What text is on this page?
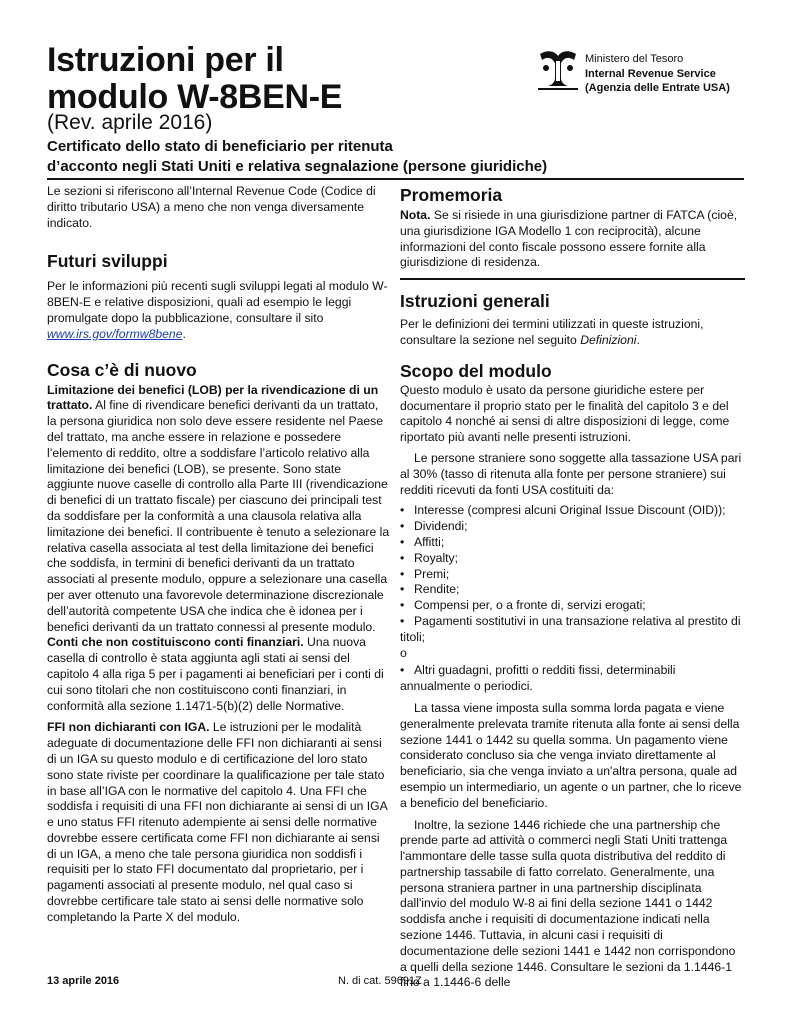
Istruzioni per il
modulo W-8BEN-E
(Rev. aprile 2016)
Certificato dello stato di beneficiario per ritenuta
d’acconto negli Stati Uniti e relativa segnalazione (persone giuridiche)
Ministero del Tesoro
Internal Revenue Service
(Agenzia delle Entrate USA)

Le sezioni si riferiscono all’Internal Revenue Code (Codice di diritto tributario USA) a meno che non venga diversamente indicato.

Futuri sviluppi

Per le informazioni più recenti sugli sviluppi legati al modulo W-8BEN-E e relative disposizioni, quali ad esempio le leggi promulgate dopo la pubblicazione, consultare il sito www.irs.gov/formw8bene.

Cosa c’è di nuovo

Limitazione dei benefici (LOB) per la rivendicazione di un trattato. Al fine di rivendicare benefici derivanti da un trattato, la persona giuridica non solo deve essere residente nel Paese del trattato, ma anche essere in relazione e possedere l’elemento di reddito, oltre a soddisfare l’articolo relativo alla limitazione dei benefici (LOB), se presente. Sono state aggiunte nuove caselle di controllo alla Parte III (rivendicazione di benefici di un trattato fiscale) per ciascuno dei principali test da soddisfare per la conformità a una clausola relativa alla limitazione dei benefici. Il contribuente è tenuto a selezionare la relativa casella associata al test della limitazione dei benefici che soddisfa, in termini di benefici derivanti da un trattato associati al presente modulo, oppure a selezionare una casella per aver ottenuto una favorevole determinazione discrezionale dell’autorità competente USA che indica che è idonea per i benefici derivanti da un trattato connessi al presente modulo.

Conti che non costituiscono conti finanziari. Una nuova casella di controllo è stata aggiunta agli stati ai sensi del capitolo 4 alla riga 5 per i pagamenti ai beneficiari per i conti di cui sono titolari che non costituiscono conti finanziari, in conformità alla sezione 1.1471-5(b)(2) delle Normative.

FFI non dichiaranti con IGA. Le istruzioni per le modalità adeguate di documentazione delle FFI non dichiaranti ai sensi di un IGA su questo modulo e di certificazione del loro stato sono state riviste per coordinare la qualificazione per tale stato in base all’IGA con le normative del capitolo 4. Una FFI che soddisfa i requisiti di una FFI non dichiarante ai sensi di un IGA e uno status FFI ritenuto adempiente ai sensi delle normative dovrebbe essere certificata come FFI non dichiarante ai sensi di un IGA, a meno che tale persona giuridica non soddisfi i requisiti per lo stato FFI documentato dal proprietario, per i pagamenti associati al presente modulo, nel qual caso si dovrebbe certificare tale stato ai sensi delle normative solo completando la Parte X del modulo.

Promemoria

Nota. Se si risiede in una giurisdizione partner di FATCA (cioè, una giurisdizione IGA Modello 1 con reciprocità), alcune informazioni del conto fiscale possono essere fornite alla giurisdizione di residenza.

Istruzioni generali

Per le definizioni dei termini utilizzati in queste istruzioni, consultare la sezione nel seguito Definizioni.

Scopo del modulo

Questo modulo è usato da persone giuridiche estere per documentare il proprio stato per le finalità del capitolo 3 e del capitolo 4 nonché ai sensi di altre disposizioni di legge, come riportato più avanti nelle presenti istruzioni.

Le persone straniere sono soggette alla tassazione USA pari al 30% (tasso di ritenuta alla fonte per persone straniere) sui redditi ricevuti da fonti USA costituiti da:

• Interesse (compresi alcuni Original Issue Discount (OID));
• Dividendi;
• Affitti;
• Royalty;
• Premi;
• Rendite;
• Compensi per, o a fronte di, servizi erogati;
• Pagamenti sostitutivi in una transazione relativa al prestito di titoli;

o

• Altri guadagni, profitti o redditi fissi, determinabili annualmente o periodici.

La tassa viene imposta sulla somma lorda pagata e viene generalmente prelevata tramite ritenuta alla fonte ai sensi della sezione 1441 o 1442 su quella somma. Un pagamento viene considerato concluso sia che venga inviato direttamente al beneficiario, sia che venga inviato a un'altra persona, quale ad esempio un intermediario, un agente o un partner, che lo riceve a beneficio del beneficiario.

Inoltre, la sezione 1446 richiede che una partnership che prende parte ad attività o commerci negli Stati Uniti trattenga l'ammontare delle tasse sulla quota distributiva del reddito di partnership tassabile di fatto correlato. Generalmente, una persona straniera partner in una partnership disciplinata dall'invio del modulo W-8 ai fini della sezione 1441 o 1442 soddisfa anche i requisiti di documentazione indicati nella sezione 1446. Tuttavia, in alcuni casi i requisiti di documentazione delle sezioni 1441 e 1442 non corrispondono a quelli della sezione 1446. Consultare le sezioni da 1.1446-1 fino a 1.1446-6 delle

13 aprile 2016	N. di cat. 59691Z
